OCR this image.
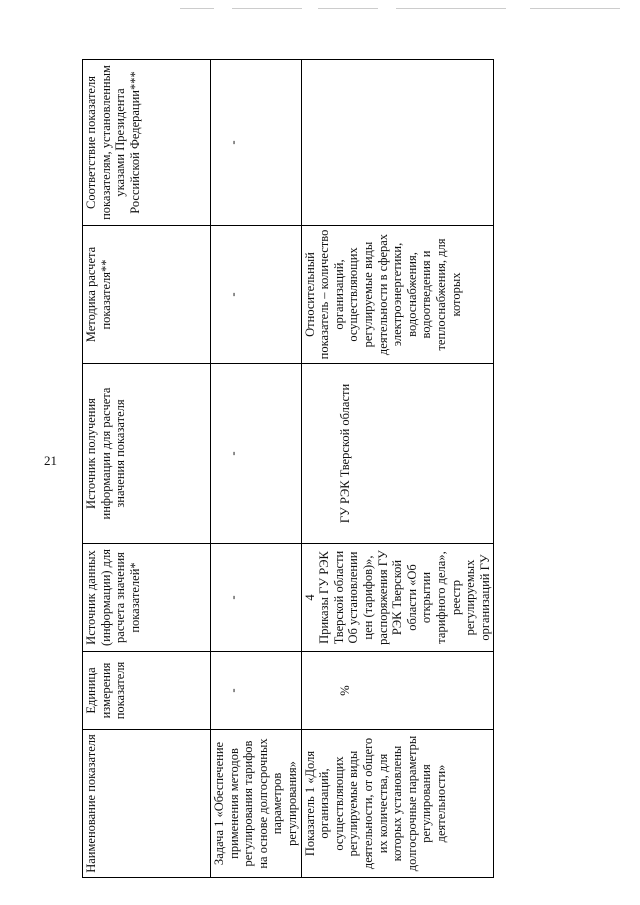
21
Наименование показателя	Единица измерения показателя	Источник данных (информации) для расчета значения показателей*	Источник получения информации для расчета значения показателя	Методика расчета показателя**	Соответствие показателя показателям, установленным указами Президента Российской Федерации***
Задача 1 «Обеспечение применения методов регулирования тарифов на основе долгосрочных параметров регулирования»	-	-	-	-	-

Показатель 1 «Доля организаций, осуществляющих регулируемые виды деятельности, от общего их количества, для которых установлены долгосрочные параметры регулирования деятельности»	%	4 Приказы ГУ РЭК Тверской области Об установлении цен (тарифов)», распоряжения ГУ РЭК Тверской области «Об открытии тарифного дела», реестр регулируемых организаций ГУ	ГУ РЭК Тверской области	Относительный показатель – количество организаций, осуществляющих регулируемые виды деятельности в сферах электроэнергетики, водоснабжения, водоотведения и теплоснабжения, для которых	
